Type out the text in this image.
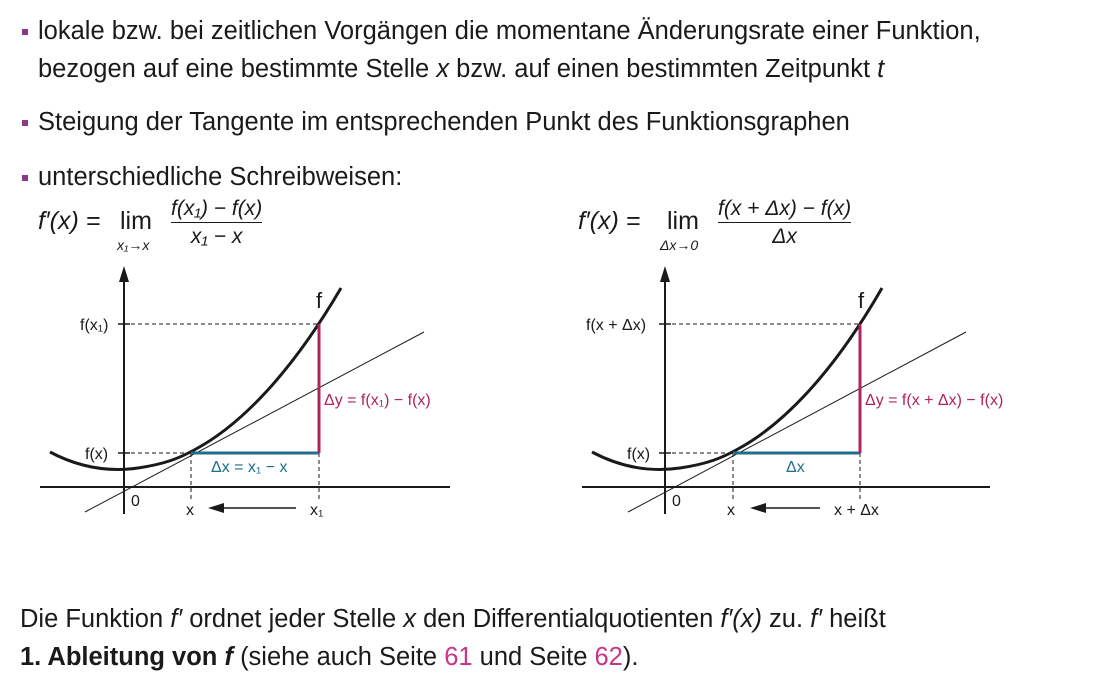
lokale bzw. bei zeitlichen Vorgängen die momentane Änderungsrate einer Funktion,
bezogen auf eine bestimmte Stelle x bzw. auf einen bestimmten Zeitpunkt t
Steigung der Tangente im entsprechenden Punkt des Funktionsgraphen
unterschiedliche Schreibweisen:
f′(x) = lim
x₁→x
f(x₁) − f(x)
x₁ − x
f′(x) = lim
Δx→0
f(x + Δx) − f(x)
Δx
f
f(x₁)
f(x)
0
x	x₁
Δx = x₁ − x
Δy = f(x₁) − f(x)
f
f(x + Δx)
f(x)
0
x	x + Δx
Δx
Δy = f(x + Δx) − f(x)
Die Funktion f′ ordnet jeder Stelle x den Differentialquotienten f′(x) zu. f′ heißt
1. Ableitung von f (siehe auch Seite 61 und Seite 62).
